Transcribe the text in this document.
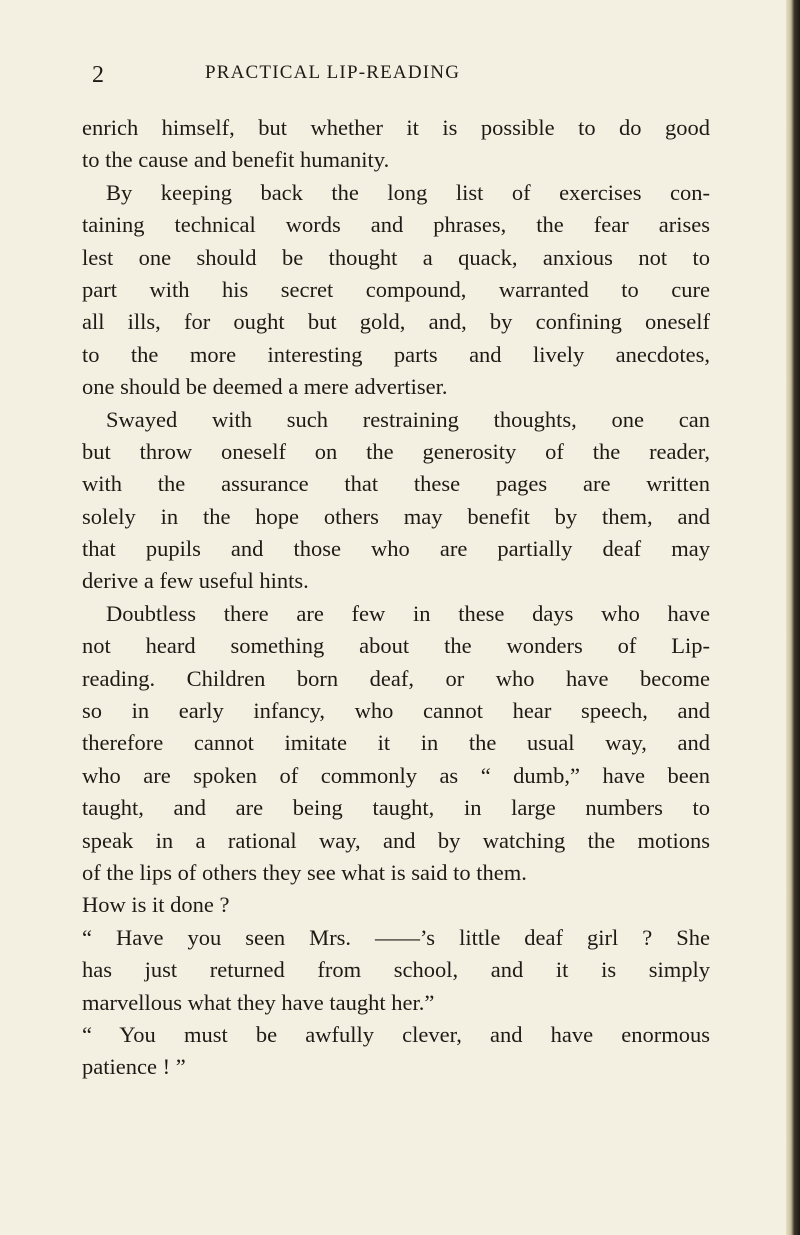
2	PRACTICAL LIP-READING
enrich himself, but whether it is possible to do good
to the cause and benefit humanity.
By keeping back the long list of exercises con-
taining technical words and phrases, the fear arises
lest one should be thought a quack, anxious not to
part with his secret compound, warranted to cure
all ills, for ought but gold, and, by confining oneself
to the more interesting parts and lively anecdotes,
one should be deemed a mere advertiser.
Swayed with such restraining thoughts, one can
but throw oneself on the generosity of the reader,
with the assurance that these pages are written
solely in the hope others may benefit by them, and
that pupils and those who are partially deaf may
derive a few useful hints.
Doubtless there are few in these days who have
not heard something about the wonders of Lip-
reading. Children born deaf, or who have become
so in early infancy, who cannot hear speech, and
therefore cannot imitate it in the usual way, and
who are spoken of commonly as “ dumb,” have been
taught, and are being taught, in large numbers to
speak in a rational way, and by watching the motions
of the lips of others they see what is said to them.
How is it done ?
“ Have you seen Mrs. ——’s little deaf girl ? She
has just returned from school, and it is simply
marvellous what they have taught her.”
“ You must be awfully clever, and have enormous
patience ! ”
